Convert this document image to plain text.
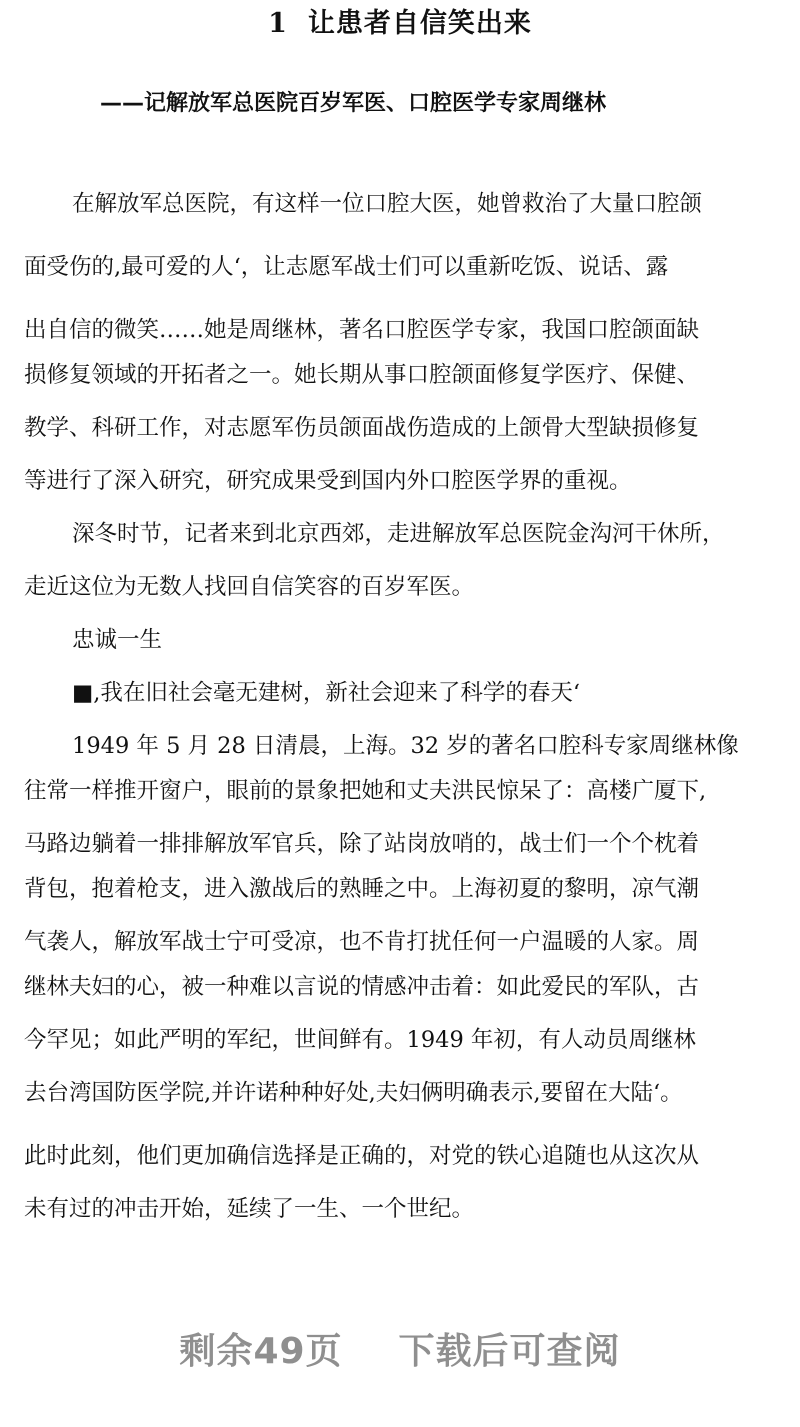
1 让患者自信笑出来
——记解放军总医院百岁军医、口腔医学专家周继林
在解放军总医院，有这样一位口腔大医，她曾救治了大量口腔颌
面受伤的,最可爱的人‘，让志愿军战士们可以重新吃饭、说话、露
出自信的微笑……她是周继林，著名口腔医学专家，我国口腔颌面缺
损修复领域的开拓者之一。她长期从事口腔颌面修复学医疗、保健、
教学、科研工作，对志愿军伤员颌面战伤造成的上颌骨大型缺损修复
等进行了深入研究，研究成果受到国内外口腔医学界的重视。
深冬时节，记者来到北京西郊，走进解放军总医院金沟河干休所，
走近这位为无数人找回自信笑容的百岁军医。
忠诚一生
■,我在旧社会毫无建树，新社会迎来了科学的春天‘
1949 年 5 月 28 日清晨，上海。32 岁的著名口腔科专家周继林像
往常一样推开窗户，眼前的景象把她和丈夫洪民惊呆了：高楼广厦下,
马路边躺着一排排解放军官兵，除了站岗放哨的，战士们一个个枕着
背包，抱着枪支，进入激战后的熟睡之中。上海初夏的黎明，凉气潮
气袭人，解放军战士宁可受凉，也不肯打扰任何一户温暖的人家。周
继林夫妇的心，被一种难以言说的情感冲击着：如此爱民的军队，古
今罕见；如此严明的军纪，世间鲜有。1949 年初，有人动员周继林
去台湾国防医学院,并许诺种种好处,夫妇俩明确表示‚要留在大陆‘。
此时此刻，他们更加确信选择是正确的，对党的铁心追随也从这次从
未有过的冲击开始，延续了一生、一个世纪。
剩余49页 下载后可查阅
